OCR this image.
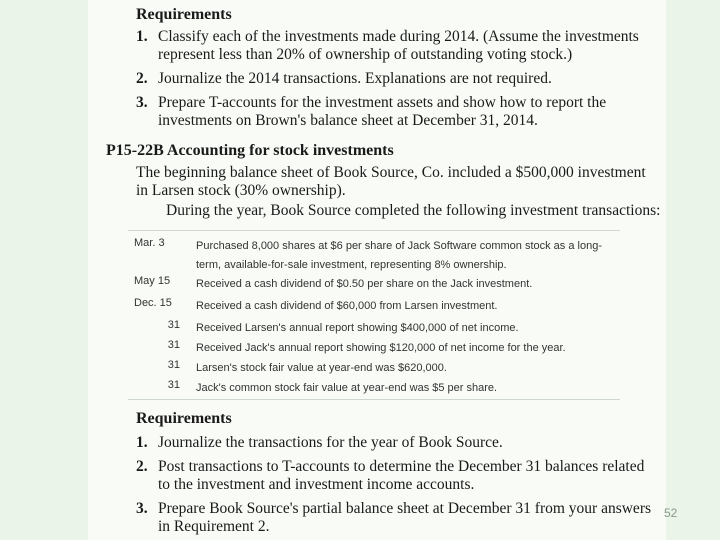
Requirements
1. Classify each of the investments made during 2014. (Assume the investments represent less than 20% of ownership of outstanding voting stock.)
2. Journalize the 2014 transactions. Explanations are not required.
3. Prepare T-accounts for the investment assets and show how to report the investments on Brown's balance sheet at December 31, 2014.
P15-22B Accounting for stock investments
The beginning balance sheet of Book Source, Co. included a $500,000 investment in Larsen stock (30% ownership).
During the year, Book Source completed the following investment transactions:
Mar. 3	Purchased 8,000 shares at $6 per share of Jack Software common stock as a long-term, available-for-sale investment, representing 8% ownership.
May 15	Received a cash dividend of $0.50 per share on the Jack investment.
Dec. 15	Received a cash dividend of $60,000 from Larsen investment.
31 Received Larsen's annual report showing $400,000 of net income.
31 Received Jack's annual report showing $120,000 of net income for the year.
31 Larsen's stock fair value at year-end was $620,000.
31 Jack's common stock fair value at year-end was $5 per share.
Requirements
1. Journalize the transactions for the year of Book Source.
2. Post transactions to T-accounts to determine the December 31 balances related to the investment and investment income accounts.
3. Prepare Book Source's partial balance sheet at December 31 from your answers in Requirement 2.
52
